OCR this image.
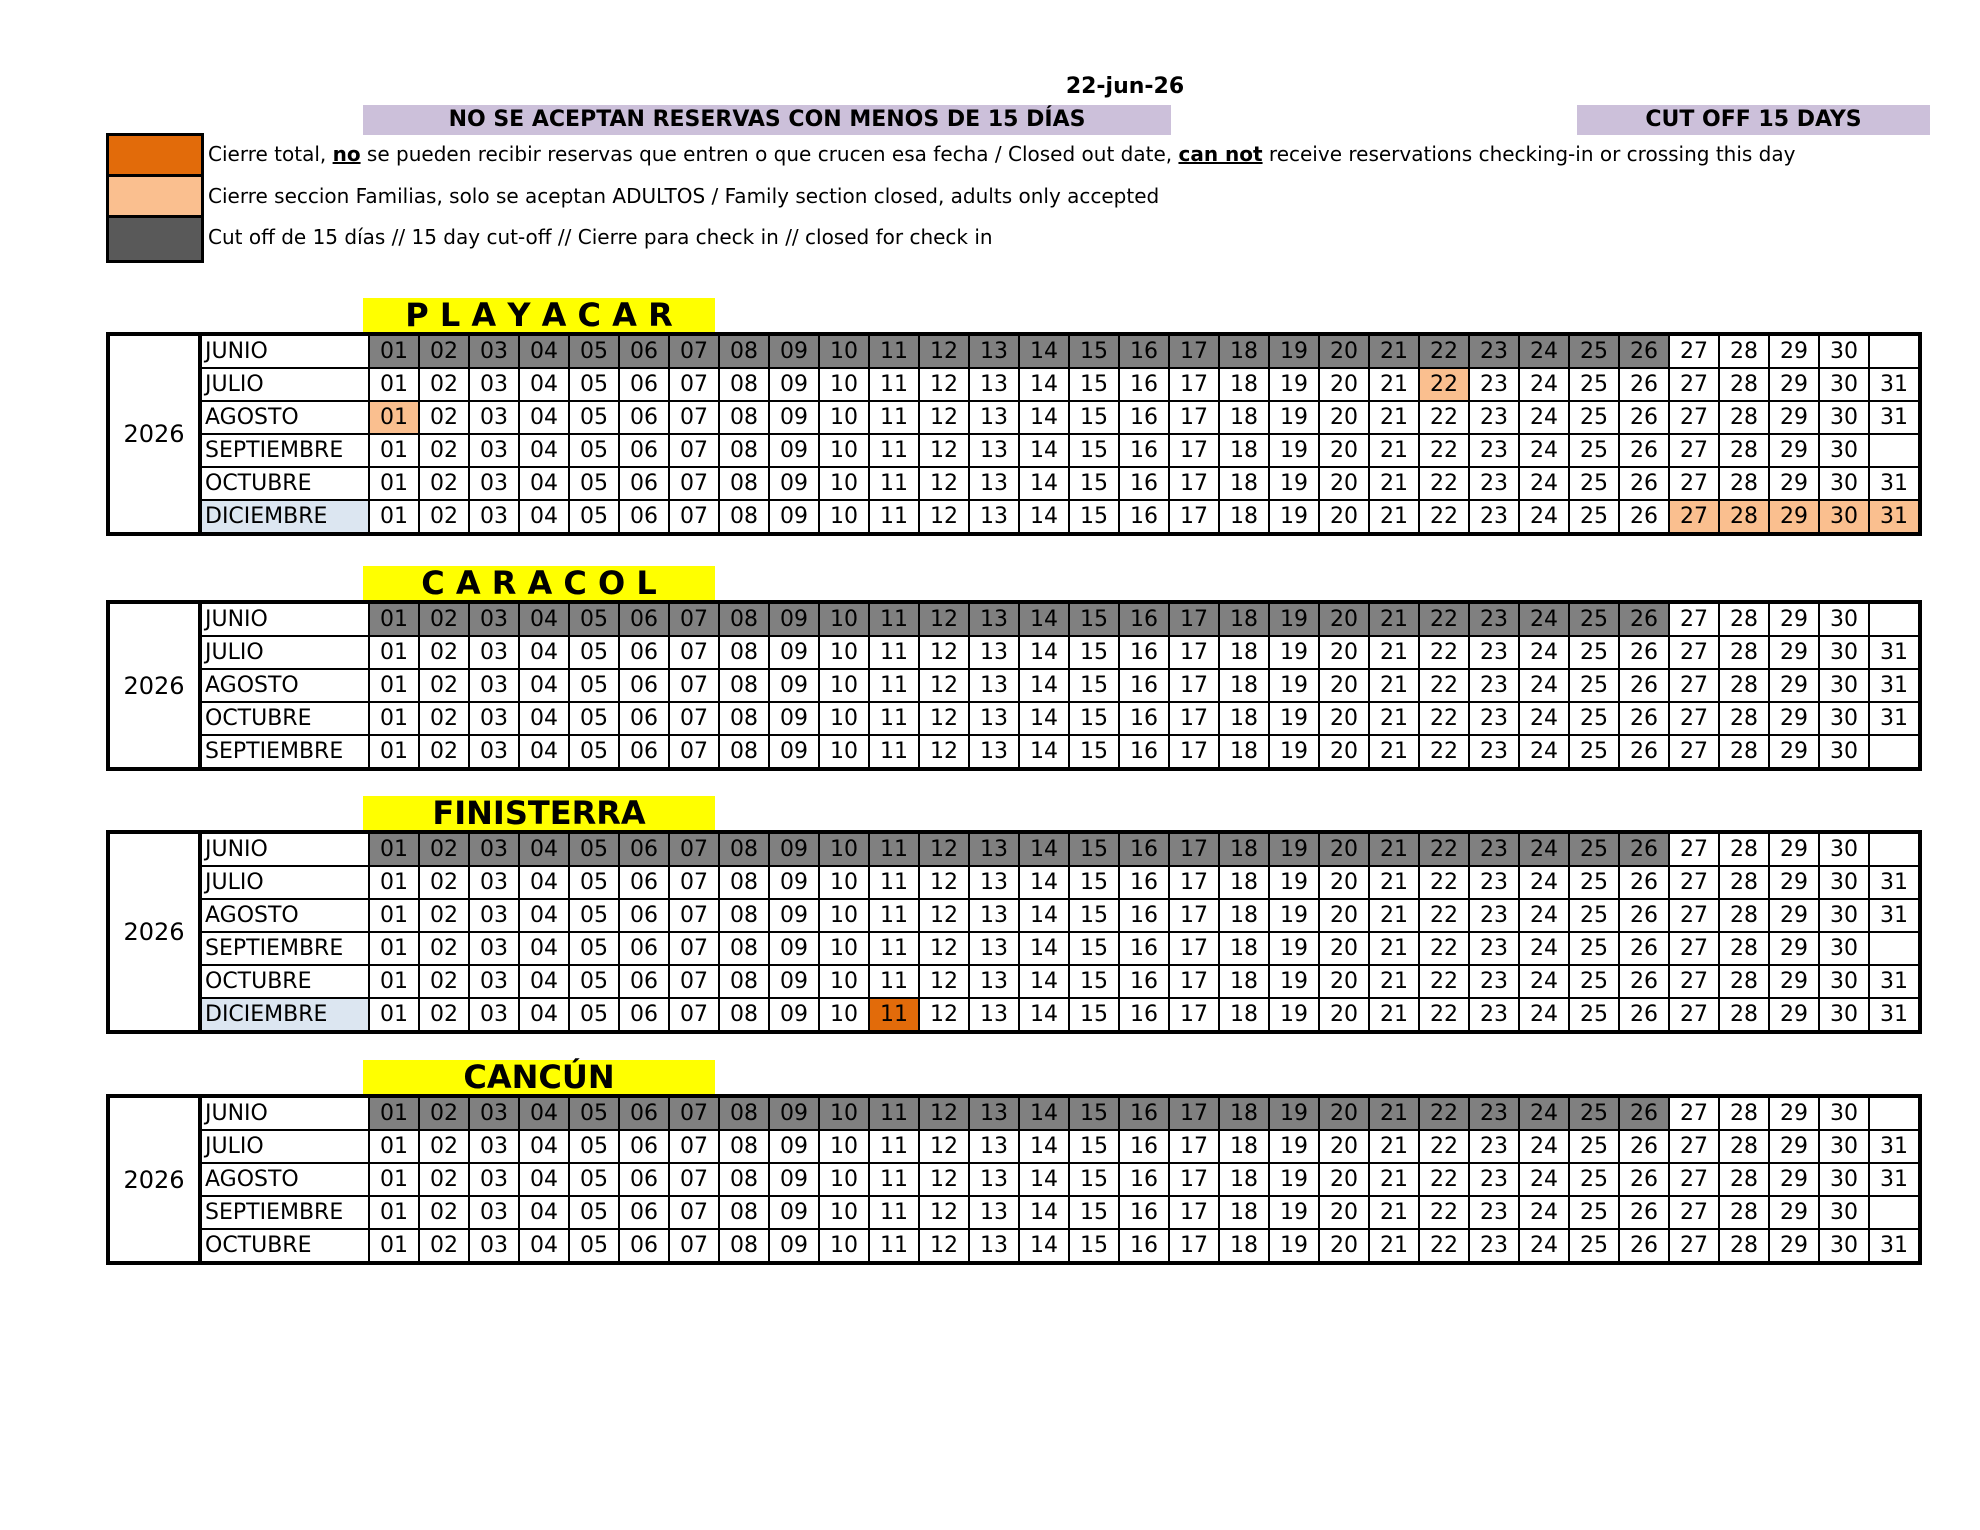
22-jun-26
NO SE ACEPTAN RESERVAS CON MENOS DE 15 DÍAS	CUT OFF 15 DAYS
Cierre total, no se pueden recibir reservas que entren o que crucen esa fecha / Closed out date, can not receive reservations checking-in or crossing this day
Cierre seccion Familias, solo se aceptan ADULTOS / Family section closed, adults only accepted
Cut off de 15 días // 15 day cut-off // Cierre para check in // closed for check in
P L A Y A C A R
2026	JUNIO	01	02	03	04	05	06	07	08	09	10	11	12	13	14	15	16	17	18	19	20	21	22	23	24	25	26	27	28	29	30	
	JULIO	01	02	03	04	05	06	07	08	09	10	11	12	13	14	15	16	17	18	19	20	21	22	23	24	25	26	27	28	29	30	31
	AGOSTO	01	02	03	04	05	06	07	08	09	10	11	12	13	14	15	16	17	18	19	20	21	22	23	24	25	26	27	28	29	30	31
	SEPTIEMBRE	01	02	03	04	05	06	07	08	09	10	11	12	13	14	15	16	17	18	19	20	21	22	23	24	25	26	27	28	29	30	
	OCTUBRE	01	02	03	04	05	06	07	08	09	10	11	12	13	14	15	16	17	18	19	20	21	22	23	24	25	26	27	28	29	30	31
	DICIEMBRE	01	02	03	04	05	06	07	08	09	10	11	12	13	14	15	16	17	18	19	20	21	22	23	24	25	26	27	28	29	30	31
C A R A C O L
2026	JUNIO	01	02	03	04	05	06	07	08	09	10	11	12	13	14	15	16	17	18	19	20	21	22	23	24	25	26	27	28	29	30	
	JULIO	01	02	03	04	05	06	07	08	09	10	11	12	13	14	15	16	17	18	19	20	21	22	23	24	25	26	27	28	29	30	31
	AGOSTO	01	02	03	04	05	06	07	08	09	10	11	12	13	14	15	16	17	18	19	20	21	22	23	24	25	26	27	28	29	30	31
	OCTUBRE	01	02	03	04	05	06	07	08	09	10	11	12	13	14	15	16	17	18	19	20	21	22	23	24	25	26	27	28	29	30	31
	SEPTIEMBRE	01	02	03	04	05	06	07	08	09	10	11	12	13	14	15	16	17	18	19	20	21	22	23	24	25	26	27	28	29	30	
FINISTERRA
2026	JUNIO	01	02	03	04	05	06	07	08	09	10	11	12	13	14	15	16	17	18	19	20	21	22	23	24	25	26	27	28	29	30	
	JULIO	01	02	03	04	05	06	07	08	09	10	11	12	13	14	15	16	17	18	19	20	21	22	23	24	25	26	27	28	29	30	31
	AGOSTO	01	02	03	04	05	06	07	08	09	10	11	12	13	14	15	16	17	18	19	20	21	22	23	24	25	26	27	28	29	30	31
	SEPTIEMBRE	01	02	03	04	05	06	07	08	09	10	11	12	13	14	15	16	17	18	19	20	21	22	23	24	25	26	27	28	29	30	
	OCTUBRE	01	02	03	04	05	06	07	08	09	10	11	12	13	14	15	16	17	18	19	20	21	22	23	24	25	26	27	28	29	30	31
	DICIEMBRE	01	02	03	04	05	06	07	08	09	10	11	12	13	14	15	16	17	18	19	20	21	22	23	24	25	26	27	28	29	30	31
CANCÚN
2026	JUNIO	01	02	03	04	05	06	07	08	09	10	11	12	13	14	15	16	17	18	19	20	21	22	23	24	25	26	27	28	29	30	
	JULIO	01	02	03	04	05	06	07	08	09	10	11	12	13	14	15	16	17	18	19	20	21	22	23	24	25	26	27	28	29	30	31
	AGOSTO	01	02	03	04	05	06	07	08	09	10	11	12	13	14	15	16	17	18	19	20	21	22	23	24	25	26	27	28	29	30	31
	SEPTIEMBRE	01	02	03	04	05	06	07	08	09	10	11	12	13	14	15	16	17	18	19	20	21	22	23	24	25	26	27	28	29	30	
	OCTUBRE	01	02	03	04	05	06	07	08	09	10	11	12	13	14	15	16	17	18	19	20	21	22	23	24	25	26	27	28	29	30	31
